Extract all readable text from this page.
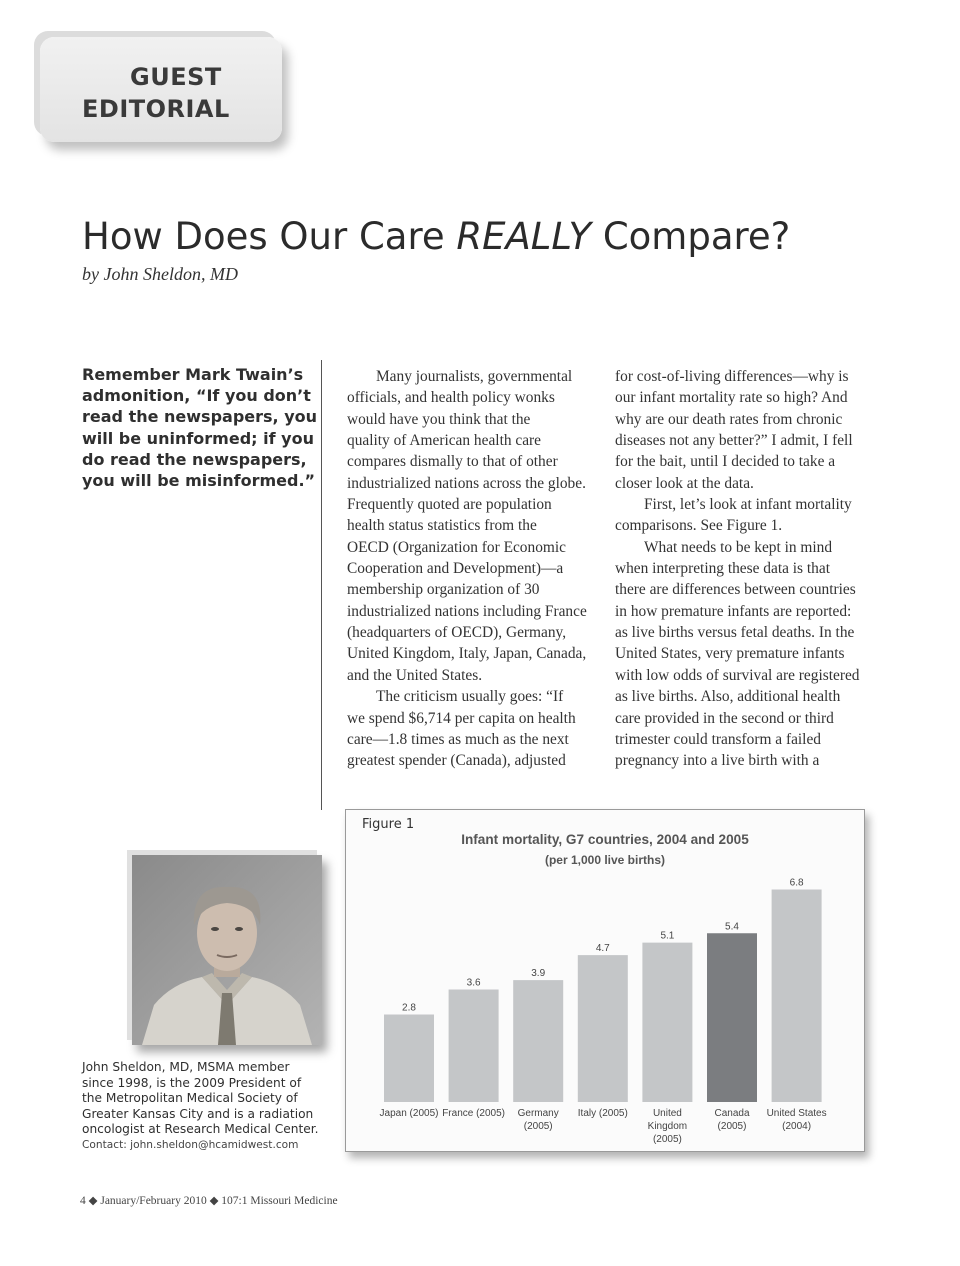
GUEST
EDITORIAL
How Does Our Care REALLY Compare?
by John Sheldon, MD
Remember Mark Twain’s
admonition, “If you don’t
read the newspapers, you
will be uninformed; if you
do read the newspapers,
you will be misinformed.”
Many journalists, governmental
officials, and health policy wonks
would have you think that the
quality of American health care
compares dismally to that of other
industrialized nations across the globe.
Frequently quoted are population
health status statistics from the
OECD (Organization for Economic
Cooperation and Development)—a
membership organization of 30
industrialized nations including France
(headquarters of OECD), Germany,
United Kingdom, Italy, Japan, Canada,
and the United States.
The criticism usually goes: “If
we spend $6,714 per capita on health
care—1.8 times as much as the next
greatest spender (Canada), adjusted
for cost-of-living differences—why is
our infant mortality rate so high? And
why are our death rates from chronic
diseases not any better?” I admit, I fell
for the bait, until I decided to take a
closer look at the data.
First, let’s look at infant mortality
comparisons. See Figure 1.
What needs to be kept in mind
when interpreting these data is that
there are differences between countries
in how premature infants are reported:
as live births versus fetal deaths. In the
United States, very premature infants
with low odds of survival are registered
as live births. Also, additional health
care provided in the second or third
trimester could transform a failed
pregnancy into a live birth with a
John Sheldon, MD, MSMA member
since 1998, is the 2009 President of
the Metropolitan Medical Society of
Greater Kansas City and is a radiation
oncologist at Research Medical Center.
Contact: john.sheldon@hcamidwest.com
Figure 1
Infant mortality, G7 countries, 2004 and 2005
(per 1,000 live births)
2.8
Japan (2005)
3.6
France (2005)
3.9
Germany
(2005)
4.7
Italy (2005)
5.1
United
Kingdom
(2005)
5.4
Canada
(2005)
6.8
United States
(2004)
4 ◆ January/February 2010 ◆ 107:1 Missouri Medicine
